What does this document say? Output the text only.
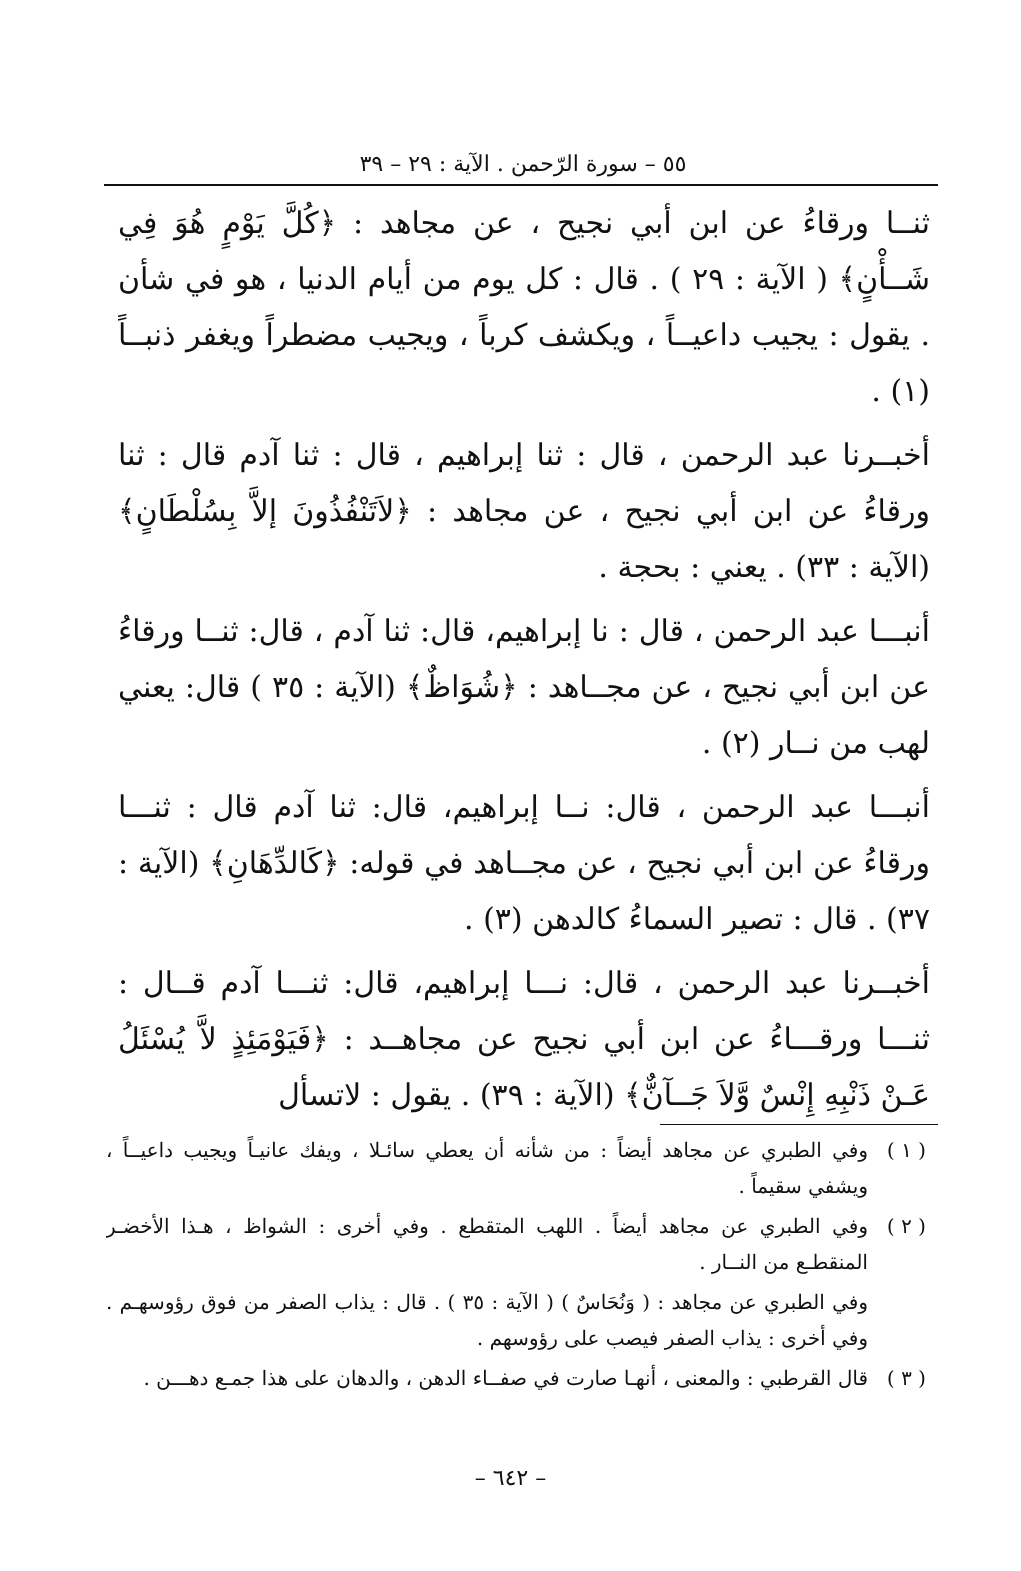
٥٥ – سورة الرّحمن . الآية : ٢٩ – ٣٩

ثنــا ورقاءُ عن ابن أبي نجيح ، عن مجاهد : ﴿كُلَّ يَوْمٍ هُوَ فِي شَــأْنٍ﴾ ( الآية : ٢٩ ) . قال : كل يوم من أيام الدنيا ، هو في شأن . يقول : يجيب داعيــاً ، ويكشف كرباً ، ويجيب مضطراً ويغفر ذنبــاً (١) .

أخبــرنا عبد الرحمن ، قال : ثنا إبراهيم ، قال : ثنا آدم قال : ثنا ورقاءُ عن ابن أبي نجيح ، عن مجاهد : ﴿لاَتَنْفُذُونَ إلاَّ بِسُلْطَانٍ﴾ (الآية : ٣٣) . يعني : بحجة .

أنبـــا عبد الرحمن ، قال : نا إبراهيم، قال: ثنا آدم ، قال: ثنــا ورقاءُ عن ابن أبي نجيح ، عن مجــاهد : ﴿شُوَاظٌ﴾ (الآية : ٣٥ ) قال: يعني لهب من نــار (٢) .

أنبـــا عبد الرحمن ، قال: نــا إبراهيم، قال: ثنا آدم قال : ثنـــا ورقاءُ عن ابن أبي نجيح ، عن مجــاهد في قوله: ﴿كَالدِّهَانِ﴾ (الآية : ٣٧) . قال : تصير السماءُ كالدهن (٣) .

أخبــرنا عبد الرحمن ، قال: نـــا إبراهيم، قال: ثنـــا آدم قــال : ثنـــا ورقـــاءُ عن ابن أبي نجيح عن مجاهــد : ﴿فَيَوْمَئِذٍ لاَّ يُسْئَلُ عَـنْ ذَنْبِهِ إِنْسٌ وَّلاَ جَــآنٌّ﴾ (الآية : ٣٩) . يقول : لاتسأل

( ١ )
وفي الطبري عن مجاهد أيضاً : من شأنه أن يعطي سائـلا ، ويفك عانيـاً ويجيب داعيــاً ، ويشفي سقيماً .
( ٢ )
وفي الطبري عن مجاهد أيضاً . اللهب المتقطع . وفي أخرى : الشواظ ، هـذا الأخضـر المنقطـع من النــار .
وفي الطبري عن مجاهد : ( وَنُحَاسٌ ) ( الآية : ٣٥ ) . قال : يذاب الصفر من فوق رؤوسهـم . وفي أخرى : يذاب الصفر فيصب على رؤوسهم .
( ٣ )
قال القرطبي : والمعنى ، أنهـا صارت في صفــاء الدهن ، والدهان على هذا جمـع دهـــن .
– ٦٤٢ –
